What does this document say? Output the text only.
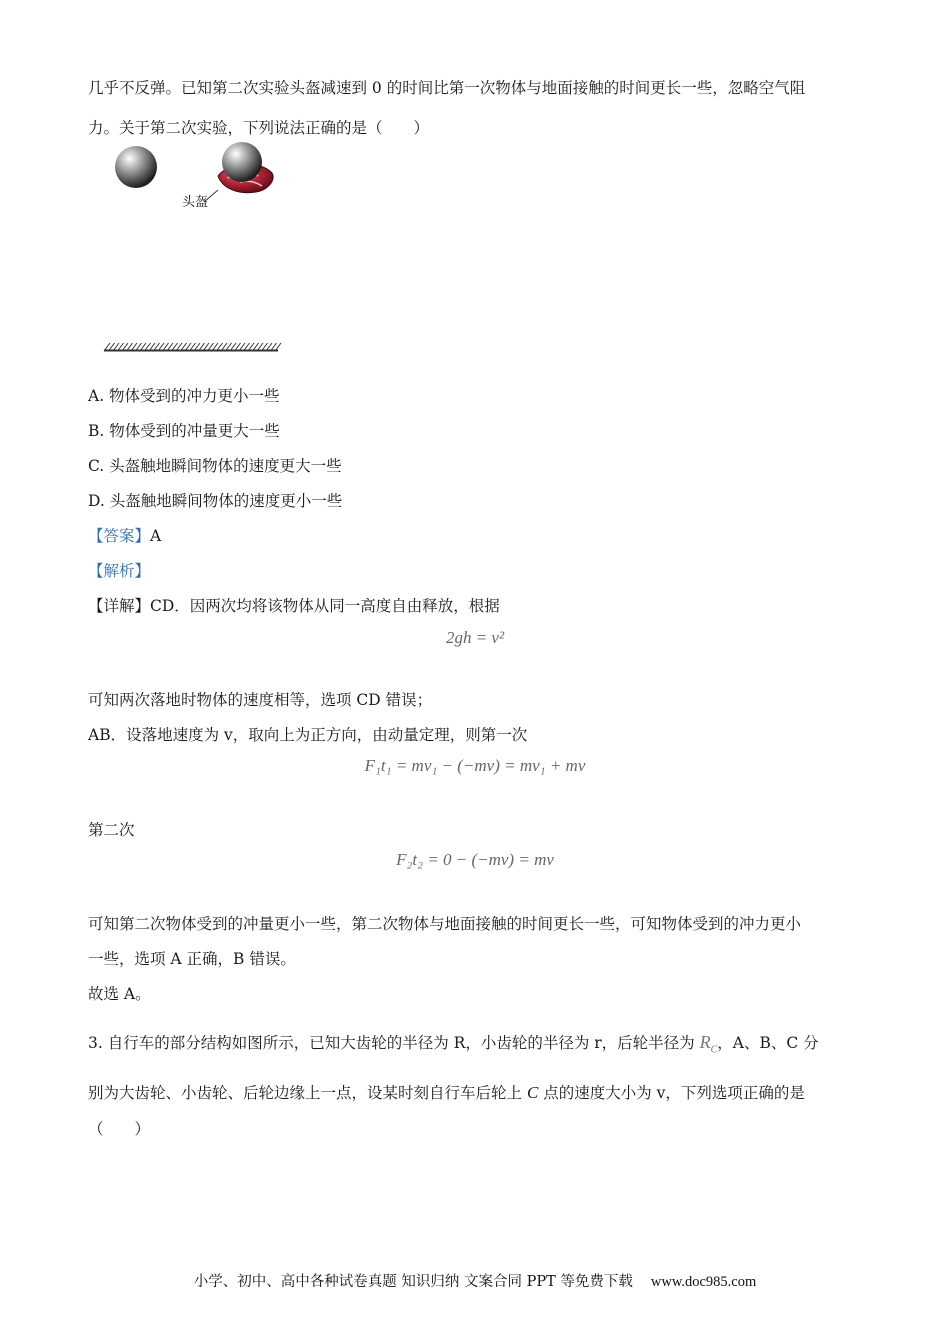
几乎不反弹。已知第二次实验头盔减速到 0 的时间比第一次物体与地面接触的时间更长一些，忽略空气阻
力。关于第二次实验，下列说法正确的是（　　）
头盔
A. 物体受到的冲力更小一些
B. 物体受到的冲量更大一些
C. 头盔触地瞬间物体的速度更大一些
D. 头盔触地瞬间物体的速度更小一些
【答案】A
【解析】
【详解】CD．因两次均将该物体从同一高度自由释放，根据
2gh = v²
可知两次落地时物体的速度相等，选项 CD 错误；
AB．设落地速度为 v，取向上为正方向，由动量定理，则第一次
F₁t₁ = mv₁ − (−mv) = mv₁ + mv
第二次
F₂t₂ = 0 − (−mv) = mv
可知第二次物体受到的冲量更小一些，第二次物体与地面接触的时间更长一些，可知物体受到的冲力更小
一些，选项 A 正确，B 错误。
故选 A。
3. 自行车的部分结构如图所示，已知大齿轮的半径为 R，小齿轮的半径为 r，后轮半径为 $R_C$，A、B、C 分
别为大齿轮、小齿轮、后轮边缘上一点，设某时刻自行车后轮上 C 点的速度大小为 v，下列选项正确的是
（　　）
小学、初中、高中各种试卷真题 知识归纳 文案合同 PPT 等免费下载 www.doc985.com
